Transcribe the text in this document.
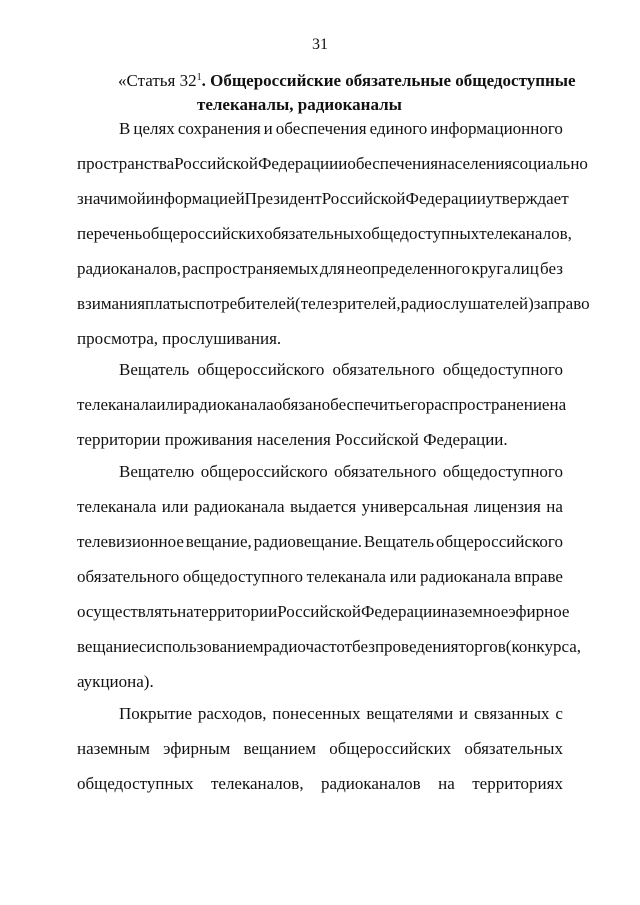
31
«Статья $32^1$. Общероссийские обязательные общедоступные
телеканалы, радиоканалы
В целях сохранения и обеспечения единого информационного
пространства Российской Федерации и обеспечения населения социально
значимой информацией Президент Российской Федерации утверждает
перечень общероссийских обязательных общедоступных телеканалов,
радиоканалов, распространяемых для неопределенного круга лиц без
взимания платы с потребителей (телезрителей, радиослушателей) за право
просмотра, прослушивания.
Вещатель общероссийского обязательного общедоступного
телеканала или радиоканала обязан обеспечить его распространение на
территории проживания населения Российской Федерации.
Вещателю общероссийского обязательного общедоступного
телеканала или радиоканала выдается универсальная лицензия на
телевизионное вещание, радиовещание. Вещатель общероссийского
обязательного общедоступного телеканала или радиоканала вправе
осуществлять на территории Российской Федерации наземное эфирное
вещание с использованием радиочастот без проведения торгов (конкурса,
аукциона).
Покрытие расходов, понесенных вещателями и связанных с
наземным эфирным вещанием общероссийских обязательных
общедоступных телеканалов, радиоканалов на территориях
